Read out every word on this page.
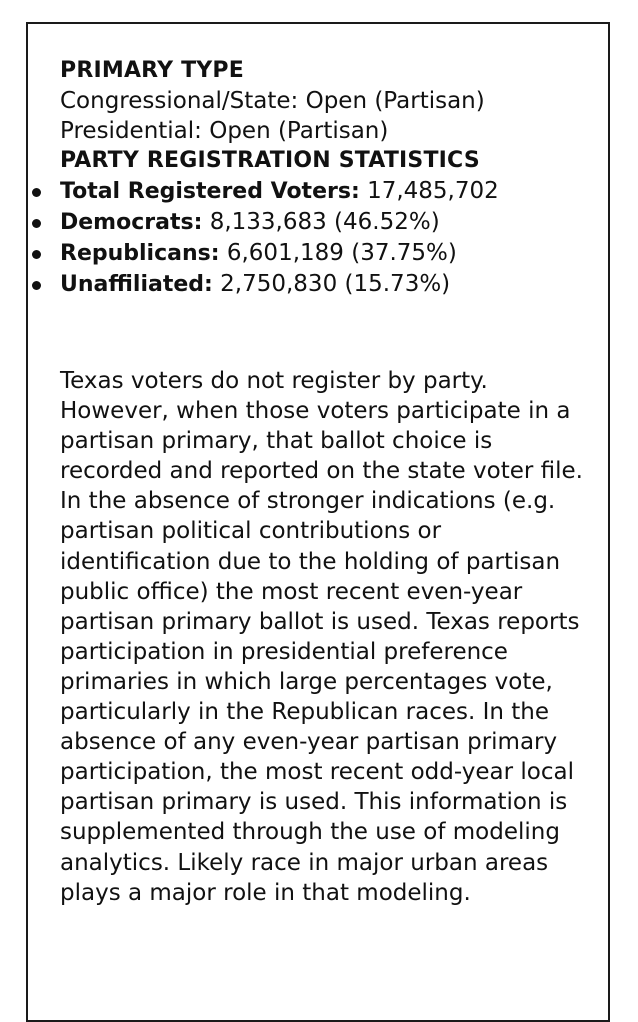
PRIMARY TYPE
Congressional/State: Open (Partisan)
Presidential: Open (Partisan)
PARTY REGISTRATION STATISTICS
Total Registered Voters: 17,485,702
Democrats: 8,133,683 (46.52%)
Republicans: 6,601,189 (37.75%)
Unaffiliated: 2,750,830 (15.73%)
Texas voters do not register by party. However, when those voters participate in a partisan primary, that ballot choice is recorded and reported on the state voter file. In the absence of stronger indications (e.g. partisan political contributions or identification due to the holding of partisan public office) the most recent even-year partisan primary ballot is used. Texas reports participation in presidential preference primaries in which large percentages vote, particularly in the Republican races. In the absence of any even-year partisan primary participation, the most recent odd-year local partisan primary is used. This information is supplemented through the use of modeling analytics. Likely race in major urban areas plays a major role in that modeling.
